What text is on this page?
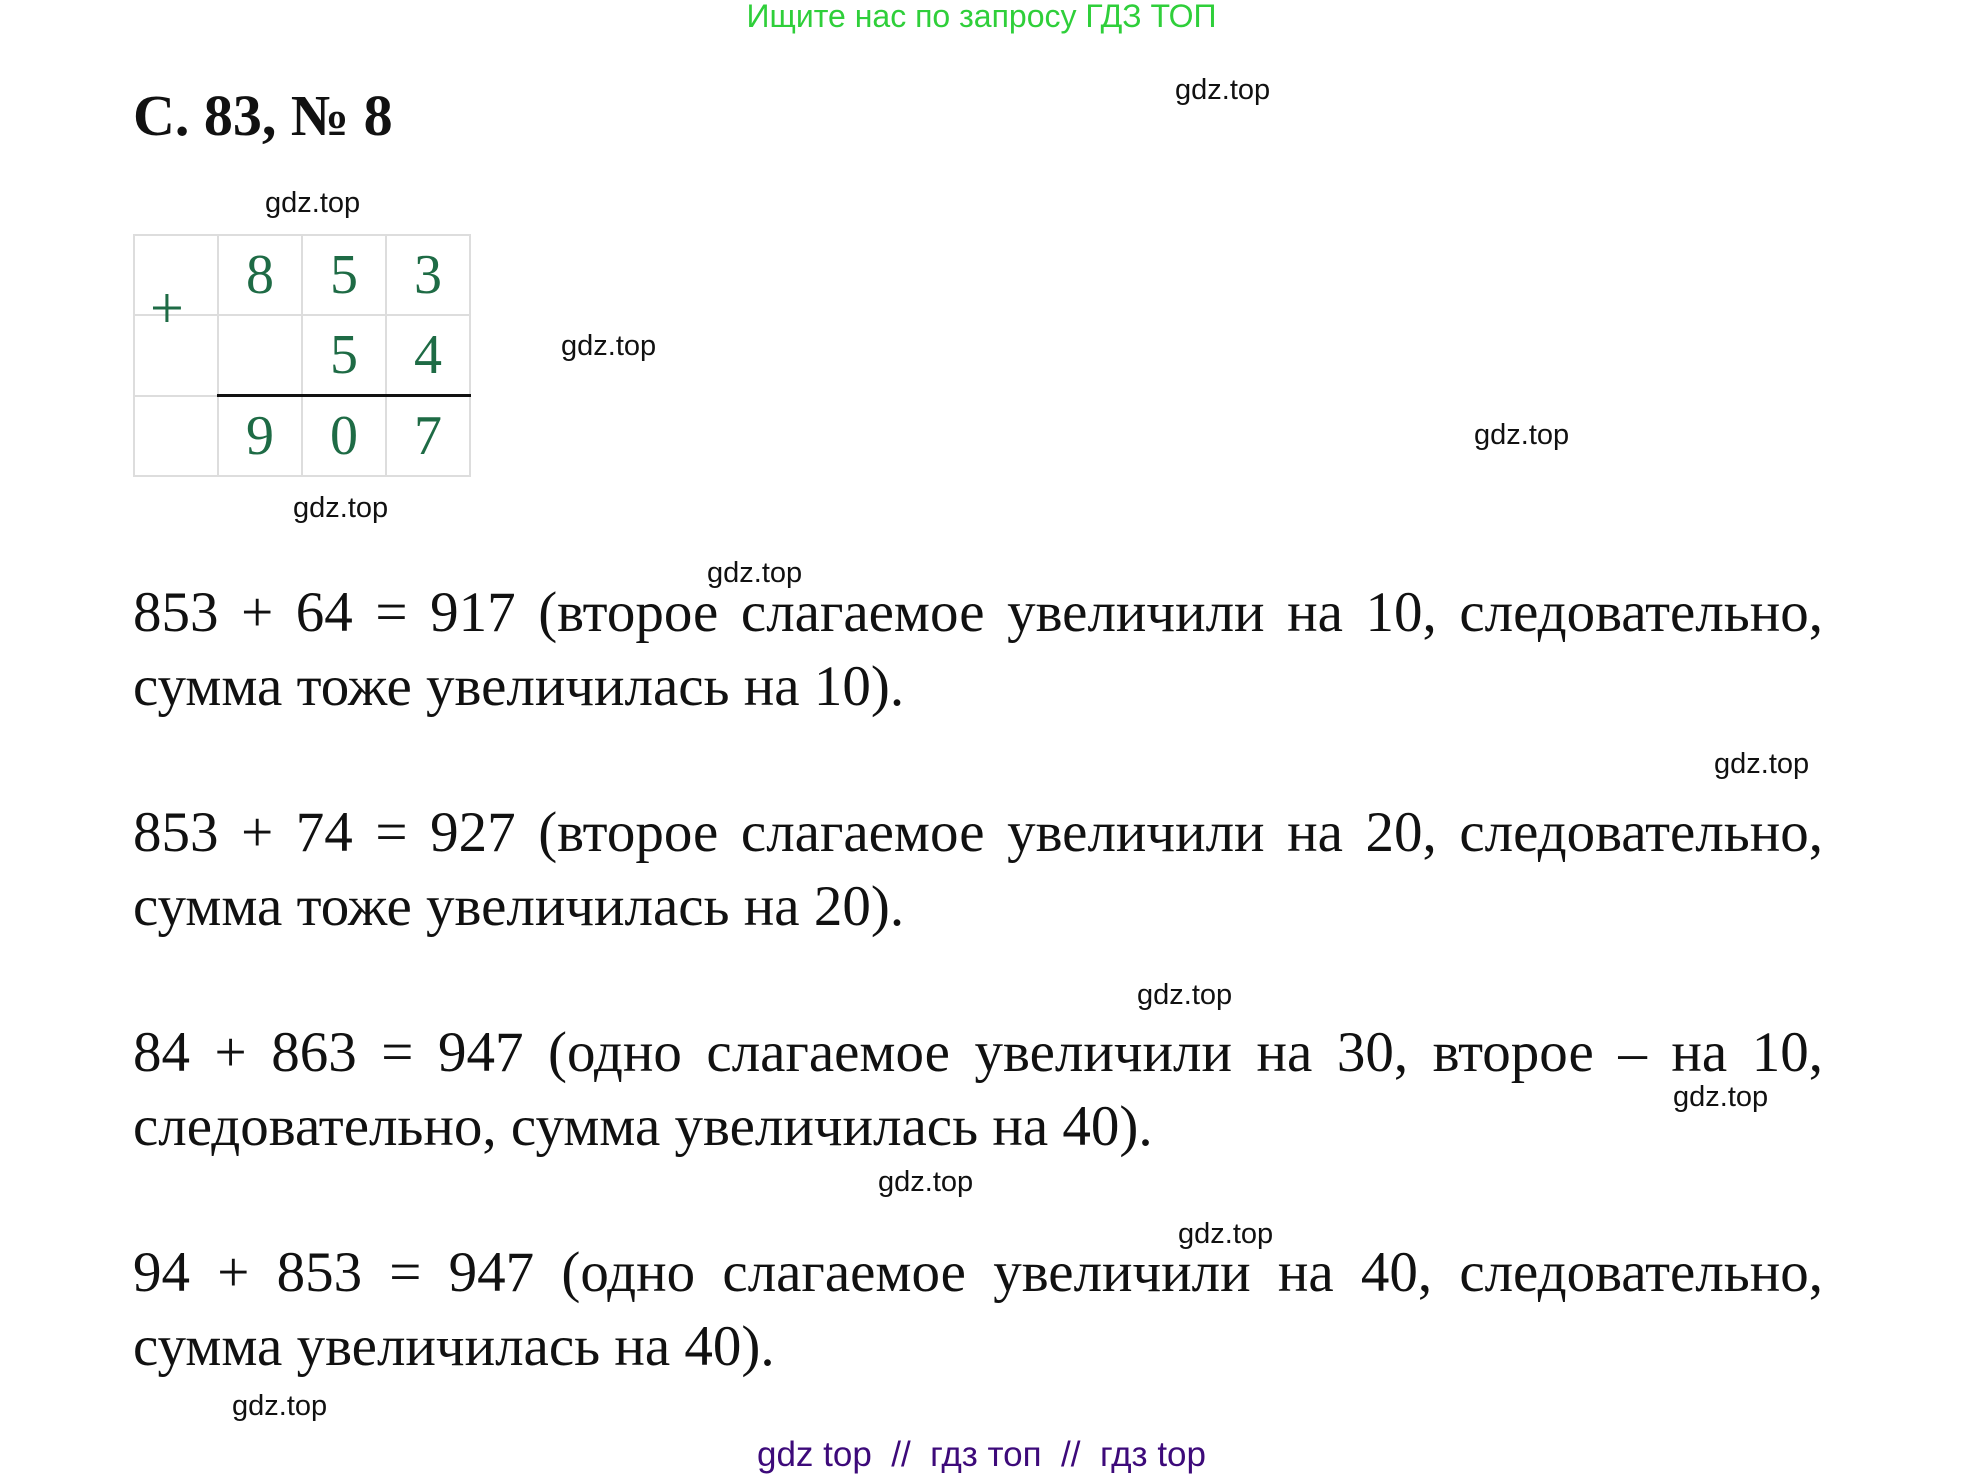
Ищите нас по запросу ГДЗ ТОП
С. 83, № 8
	8	5	3
		5	4
	9	0	7
+
853 + 64 = 917 (второе слагаемое увеличили на 10, следовательно, сумма тоже увеличилась на 10).
853 + 74 = 927 (второе слагаемое увеличили на 20, следовательно, сумма тоже увеличилась на 20).
84 + 863 = 947 (одно слагаемое увеличили на 30, второе – на 10, следовательно, сумма увеличилась на 40).
94 + 853 = 947 (одно слагаемое увеличили на 40, следовательно, сумма увеличилась на 40).
gdz.top
gdz.top
gdz.top
gdz.top
gdz.top
gdz.top
gdz.top
gdz.top
gdz.top
gdz.top
gdz.top
gdz.top
gdz top  //  гдз топ  //  гдз top
